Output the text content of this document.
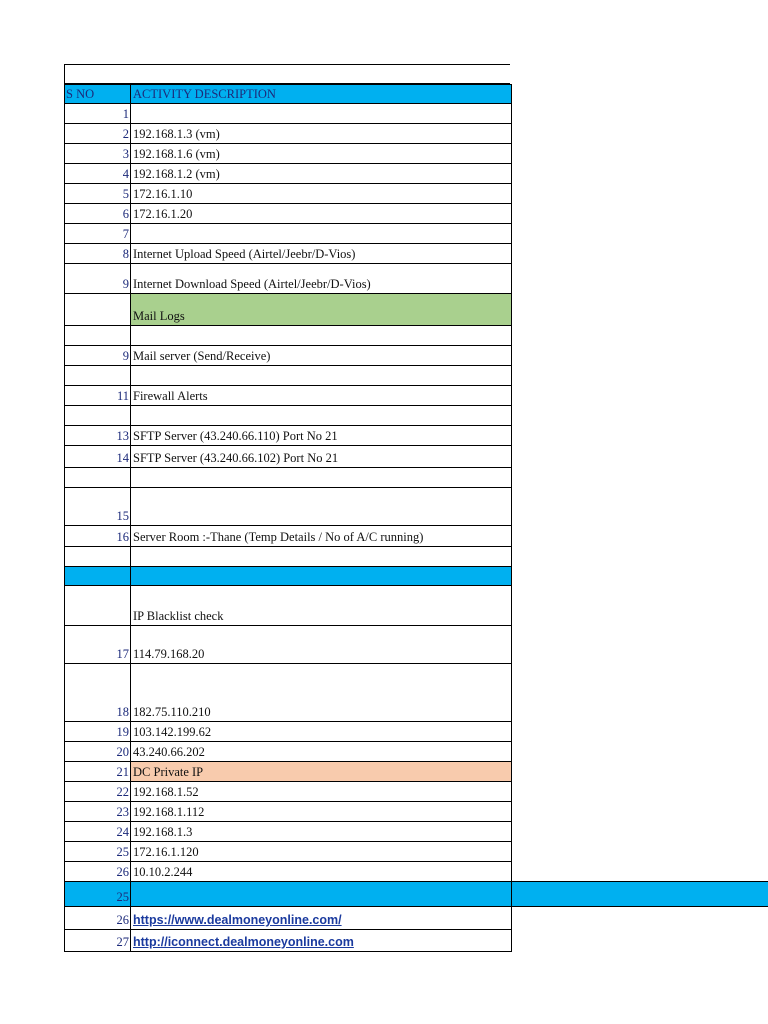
S NO	ACTIVITY DESCRIPTION
1
2 192.168.1.3 (vm)
3 192.168.1.6 (vm)
4 192.168.1.2 (vm)
5 172.16.1.10
6 172.16.1.20
7
8 Internet Upload Speed (Airtel/Jeebr/D-Vios)
9 Internet Download Speed (Airtel/Jeebr/D-Vios)
Mail Logs
9 Mail server (Send/Receive)
11 Firewall Alerts
13 SFTP Server (43.240.66.110) Port No 21
14 SFTP Server (43.240.66.102) Port No 21
15
16 Server Room :-Thane (Temp Details / No of A/C running)
IP Blacklist check
17 114.79.168.20
18 182.75.110.210
19 103.142.199.62
20 43.240.66.202
21 DC Private IP
22 192.168.1.52
23 192.168.1.112
24 192.168.1.3
25 172.16.1.120
26 10.10.2.244
25
26 https://www.dealmoneyonline.com/
27 http://iconnect.dealmoneyonline.com
